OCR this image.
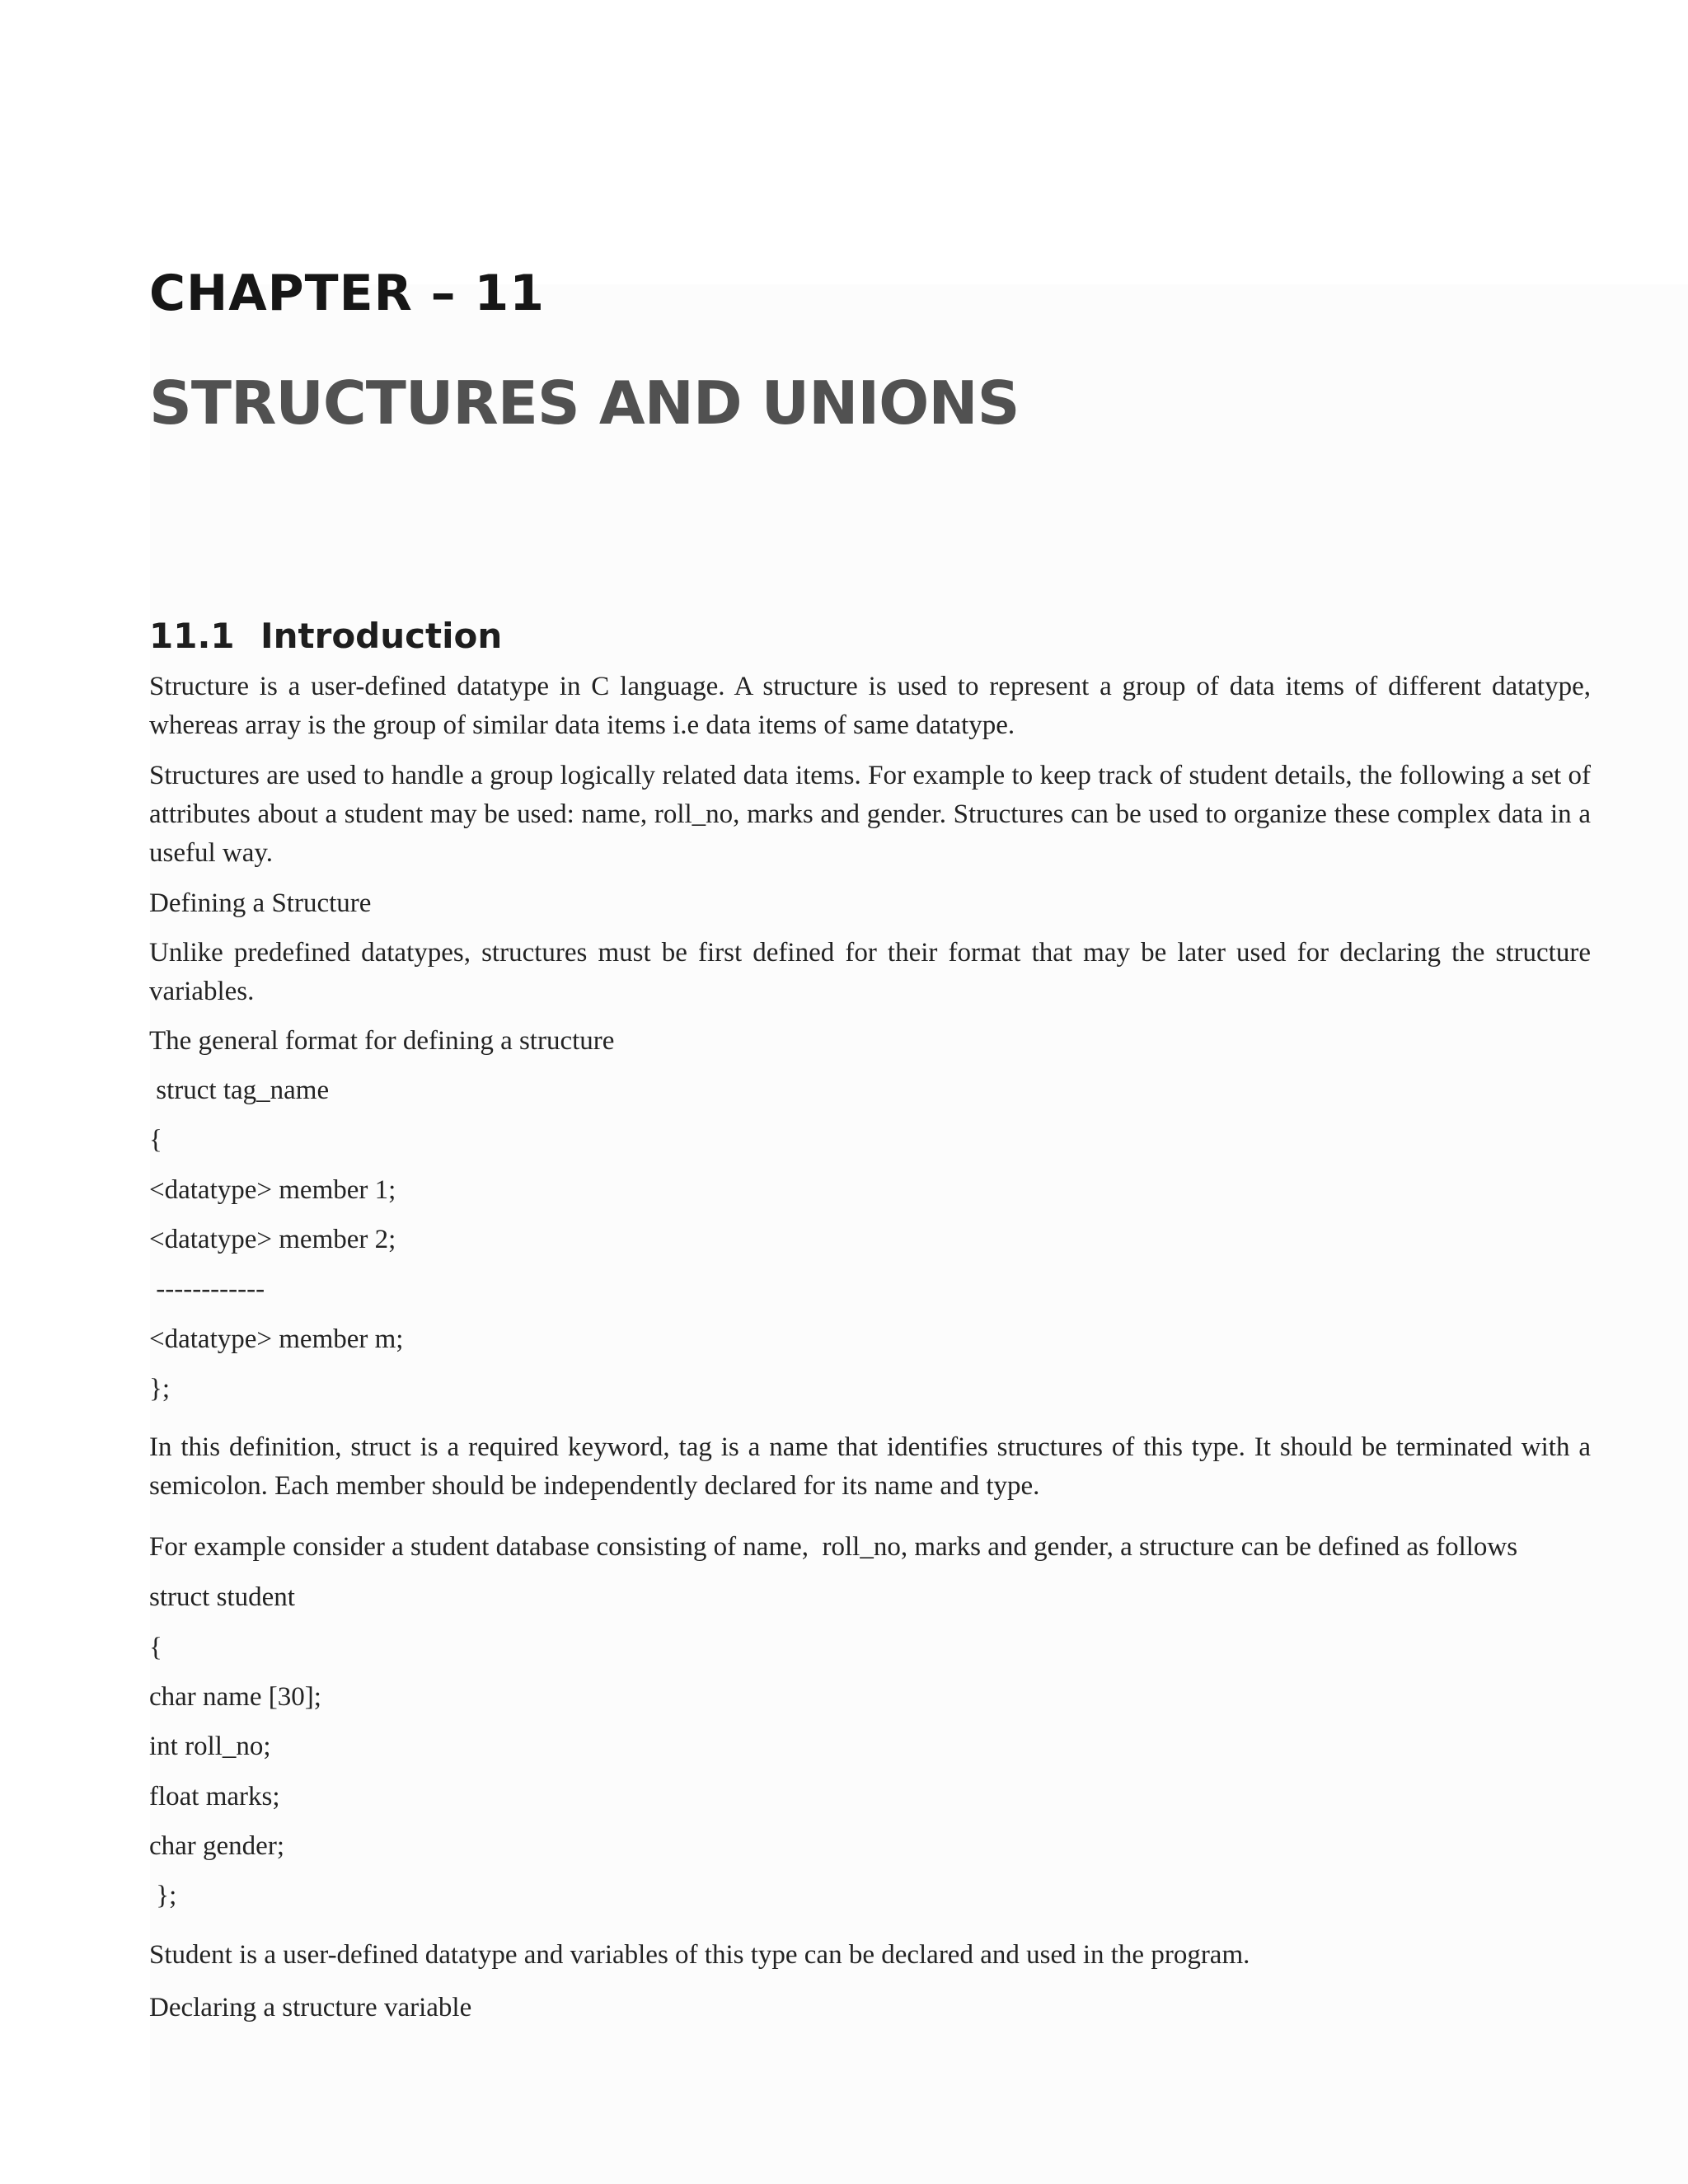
CHAPTER – 11
STRUCTURES AND UNIONS
11.1 Introduction

Structure is a user-defined datatype in C language. A structure is used to represent a group of data items of different datatype, whereas array is the group of similar data items i.e data items of same datatype.

Structures are used to handle a group logically related data items. For example to keep track of student details, the following a set of attributes about a student may be used: name, roll_no, marks and gender. Structures can be used to organize these complex data in a useful way.

Defining a Structure

Unlike predefined datatypes, structures must be first defined for their format that may be later used for declaring the structure variables.

The general format for defining a structure

struct tag_name

{

<datatype> member 1;

<datatype> member 2;

------------

<datatype> member m;

};

In this definition, struct is a required keyword, tag is a name that identifies structures of this type. It should be terminated with a semicolon. Each member should be independently declared for its name and type.

For example consider a student database consisting of name,  roll_no, marks and gender, a structure can be defined as follows

struct student

{

char name [30];

int roll_no;

float marks;

char gender;

};

Student is a user-defined datatype and variables of this type can be declared and used in the program.

Declaring a structure variable
